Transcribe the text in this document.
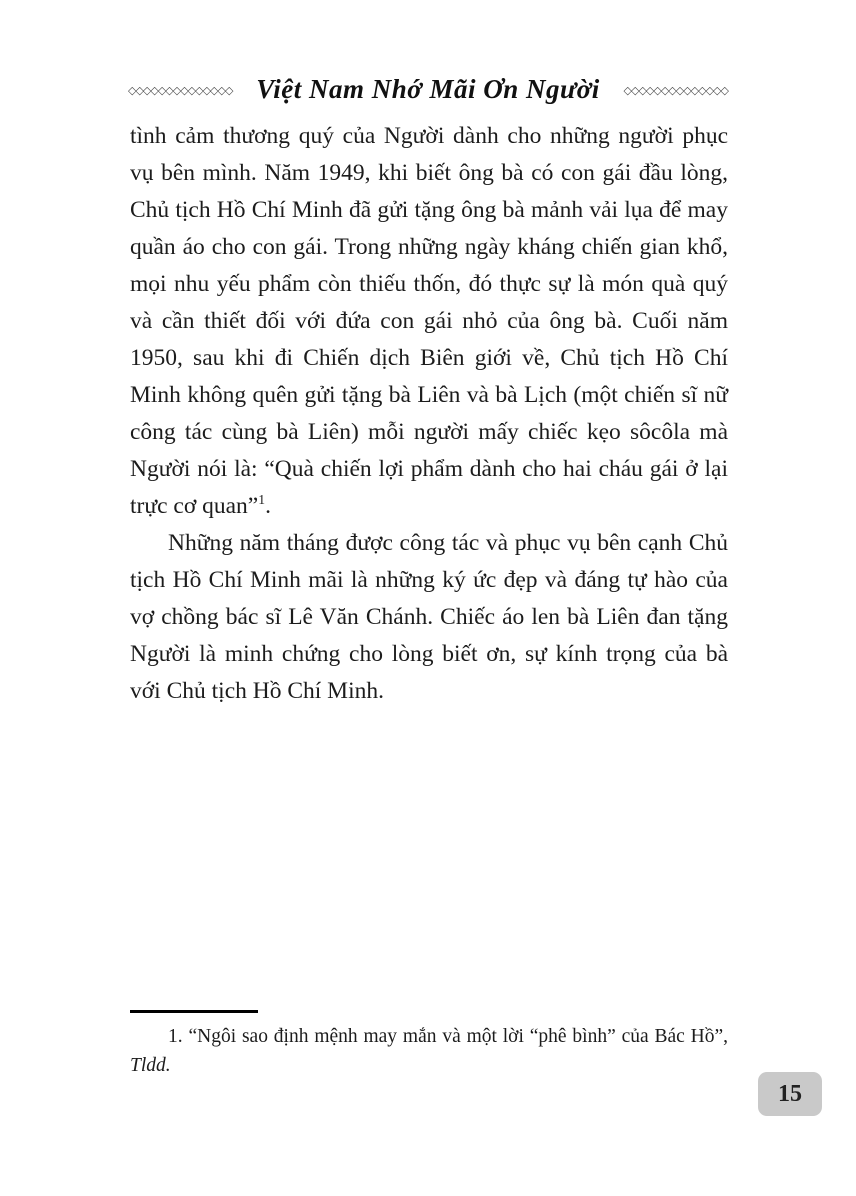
◇◇◇◇◇◇◇◇◇◇◇◇◇◇ Việt Nam Nhớ Mãi Ơn Người ◇◇◇◇◇◇◇◇◇◇◇◇◇◇

tình cảm thương quý của Người dành cho những người phục vụ bên mình. Năm 1949, khi biết ông bà có con gái đầu lòng, Chủ tịch Hồ Chí Minh đã gửi tặng ông bà mảnh vải lụa để may quần áo cho con gái. Trong những ngày kháng chiến gian khổ, mọi nhu yếu phẩm còn thiếu thốn, đó thực sự là món quà quý và cần thiết đối với đứa con gái nhỏ của ông bà. Cuối năm 1950, sau khi đi Chiến dịch Biên giới về, Chủ tịch Hồ Chí Minh không quên gửi tặng bà Liên và bà Lịch (một chiến sĩ nữ công tác cùng bà Liên) mỗi người mấy chiếc kẹo sôcôla mà Người nói là: “Quà chiến lợi phẩm dành cho hai cháu gái ở lại trực cơ quan”$^1$.

Những năm tháng được công tác và phục vụ bên cạnh Chủ tịch Hồ Chí Minh mãi là những ký ức đẹp và đáng tự hào của vợ chồng bác sĩ Lê Văn Chánh. Chiếc áo len bà Liên đan tặng Người là minh chứng cho lòng biết ơn, sự kính trọng của bà với Chủ tịch Hồ Chí Minh.

1. “Ngôi sao định mệnh may mắn và một lời “phê bình” của Bác Hồ”, Tldd.
15
